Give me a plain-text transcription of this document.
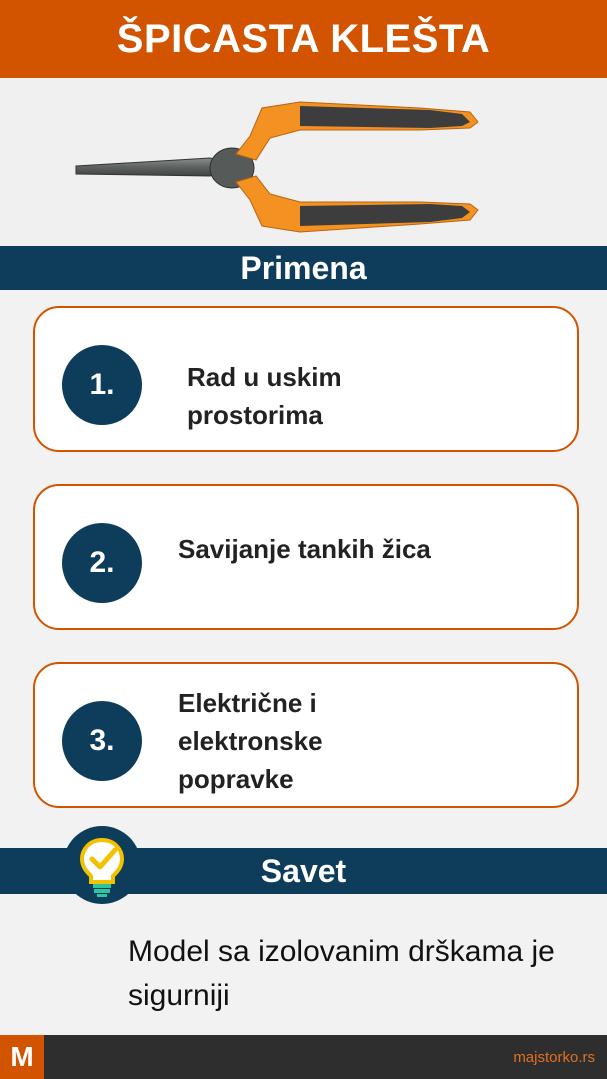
ŠPICASTA KLEŠTA
Primena
1.	Rad u uskim prostorima
2.	Savijanje tankih žica
3.
Električne i elektronske popravke
Savet
Model sa izolovanim drškama je sigurniji
M	majstorko.rs
